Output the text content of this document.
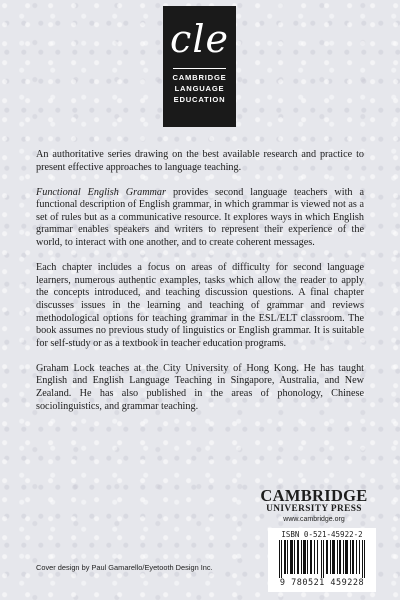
cle
CAMBRIDGE
LANGUAGE
EDUCATION

An authoritative series drawing on the best available research and practice to present effective approaches to language teaching.

Functional English Grammar provides second language teachers with a functional description of English grammar, in which grammar is viewed not as a set of rules but as a communicative resource. It explores ways in which English grammar enables speakers and writers to represent their experience of the world, to interact with one another, and to create coherent messages.

Each chapter includes a focus on areas of difficulty for second language learners, numerous authentic examples, tasks which allow the reader to apply the concepts introduced, and teaching discussion questions. A final chapter discusses issues in the learning and teaching of grammar and reviews methodological options for teaching grammar in the ESL/ELT classroom. The book assumes no previous study of linguistics or English grammar. It is suitable for self-study or as a textbook in teacher education programs.

Graham Lock teaches at the City University of Hong Kong. He has taught English and English Language Teaching in Singapore, Australia, and New Zealand. He has also published in the areas of phonology, Chinese sociolinguistics, and grammar teaching.

CAMBRIDGE
UNIVERSITY PRESS
www.cambridge.org
ISBN 0-521-45922-2
9 780521 459228
Cover design by Paul Gamarello/Eyetooth Design Inc.
